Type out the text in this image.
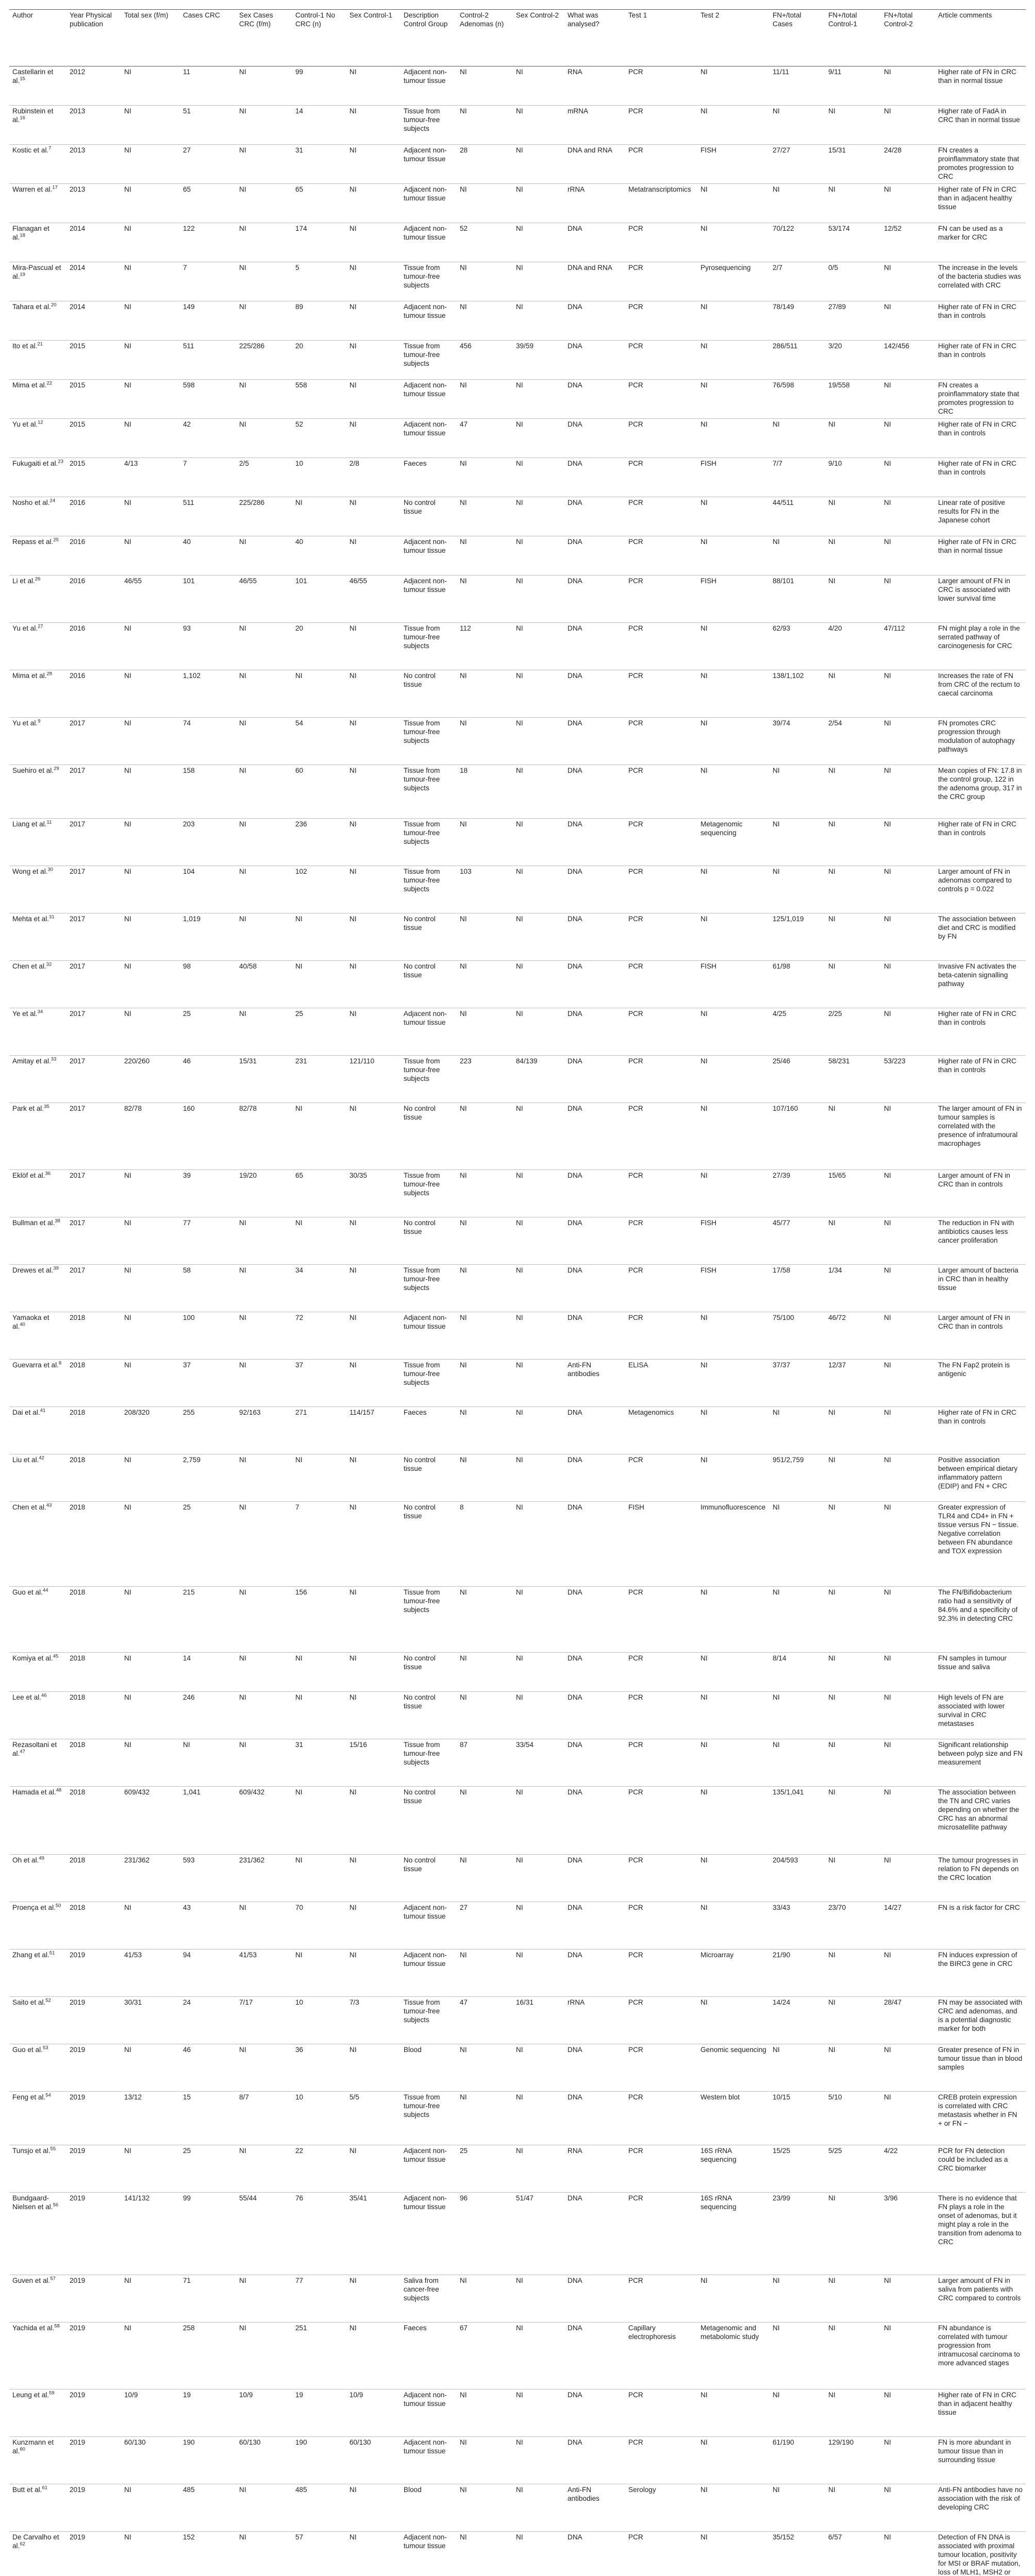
Author	Year Physical publication	Total sex (f/m)	Cases CRC	Sex Cases CRC (f/m)	Control-1 No CRC (n)	Sex Control-1	Description Control Group	Control-2 Adenomas (n)	Sex Control-2	What was analysed?	Test 1	Test 2	FN+/total Cases	FN+/total Control-1	FN+/total Control-2	Article comments
Castellarin et al.$^{15}$	2012	NI	11	NI	99	NI	Adjacent non-tumour tissue	NI	NI	RNA	PCR	NI	11/11	9/11	NI	Higher rate of FN in CRC than in normal tissue
Rubinstein et al.$^{16}$	2013	NI	51	NI	14	NI	Tissue from tumour-free subjects	NI	NI	mRNA	PCR	NI	NI	NI	NI	Higher rate of FadA in CRC than in normal tissue
Kostic et al.$^7$	2013	NI	27	NI	31	NI	Adjacent non-tumour tissue	28	NI	DNA and RNA	PCR	FISH	27/27	15/31	24/28	FN creates a proinflammatory state that promotes progression to CRC
Warren et al.$^{17}$	2013	NI	65	NI	65	NI	Adjacent non-tumour tissue	NI	NI	rRNA	Metatranscriptomics	NI	NI	NI	NI	Higher rate of FN in CRC than in adjacent healthy tissue
Flanagan et al.$^{18}$	2014	NI	122	NI	174	NI	Adjacent non-tumour tissue	52	NI	DNA	PCR	NI	70/122	53/174	12/52	FN can be used as a marker for CRC
Mira-Pascual et al.$^{19}$	2014	NI	7	NI	5	NI	Tissue from tumour-free subjects	NI	NI	DNA and RNA	PCR	Pyrosequencing	2/7	0/5	NI	The increase in the levels of the bacteria studies was correlated with CRC
Tahara et al.$^{20}$	2014	NI	149	NI	89	NI	Adjacent non-tumour tissue	NI	NI	DNA	PCR	NI	78/149	27/89	NI	Higher rate of FN in CRC than in controls
Ito et al.$^{21}$	2015	NI	511	225/286	20	NI	Tissue from tumour-free subjects	456	39/59	DNA	PCR	NI	286/511	3/20	142/456	Higher rate of FN in CRC than in controls
Mima et al.$^{22}$	2015	NI	598	NI	558	NI	Adjacent non-tumour tissue	NI	NI	DNA	PCR	NI	76/598	19/558	NI	FN creates a proinflammatory state that promotes progression to CRC
Yu et al.$^{12}$	2015	NI	42	NI	52	NI	Adjacent non-tumour tissue	47	NI	DNA	PCR	NI	NI	NI	NI	Higher rate of FN in CRC than in controls
Fukugaiti et al.$^{23}$	2015	4/13	7	2/5	10	2/8	Faeces	NI	NI	DNA	PCR	FISH	7/7	9/10	NI	Higher rate of FN in CRC than in controls
Nosho et al.$^{24}$	2016	NI	511	225/286	NI	NI	No control tissue	NI	NI	DNA	PCR	NI	44/511	NI	NI	Linear rate of positive results for FN in the Japanese cohort
Repass et al.$^{25}$	2016	NI	40	NI	40	NI	Adjacent non-tumour tissue	NI	NI	DNA	PCR	NI	NI	NI	NI	Higher rate of FN in CRC than in normal tissue
Li et al.$^{26}$	2016	46/55	101	46/55	101	46/55	Adjacent non-tumour tissue	NI	NI	DNA	PCR	FISH	88/101	NI	NI	Larger amount of FN in CRC is associated with lower survival time
Yu et al.$^{27}$	2016	NI	93	NI	20	NI	Tissue from tumour-free subjects	112	NI	DNA	PCR	NI	62/93	4/20	47/112	FN might play a role in the serrated pathway of carcinogenesis for CRC
Mima et al.$^{28}$	2016	NI	1,102	NI	NI	NI	No control tissue	NI	NI	DNA	PCR	NI	138/1,102	NI	NI	Increases the rate of FN from CRC of the rectum to caecal carcinoma
Yu et al.$^9$	2017	NI	74	NI	54	NI	Tissue from tumour-free subjects	NI	NI	DNA	PCR	NI	39/74	2/54	NI	FN promotes CRC progression through modulation of autophagy pathways
Suehiro et al.$^{29}$	2017	NI	158	NI	60	NI	Tissue from tumour-free subjects	18	NI	DNA	PCR	NI	NI	NI	NI	Mean copies of FN: 17.8 in the control group, 122 in the adenoma group, 317 in the CRC group
Liang et al.$^{11}$	2017	NI	203	NI	236	NI	Tissue from tumour-free subjects	NI	NI	DNA	PCR	Metagenomic sequencing	NI	NI	NI	Higher rate of FN in CRC than in controls
Wong et al.$^{30}$	2017	NI	104	NI	102	NI	Tissue from tumour-free subjects	103	NI	DNA	PCR	NI	NI	NI	NI	Larger amount of FN in adenomas compared to controls p = 0.022
Mehta et al.$^{31}$	2017	NI	1,019	NI	NI	NI	No control tissue	NI	NI	DNA	PCR	NI	125/1,019	NI	NI	The association between diet and CRC is modified by FN
Chen et al.$^{32}$	2017	NI	98	40/58	NI	NI	No control tissue	NI	NI	DNA	PCR	FISH	61/98	NI	NI	Invasive FN activates the beta-catenin signalling pathway
Ye et al.$^{34}$	2017	NI	25	NI	25	NI	Adjacent non-tumour tissue	NI	NI	DNA	PCR	NI	4/25	2/25	NI	Higher rate of FN in CRC than in controls
Amitay et al.$^{33}$	2017	220/260	46	15/31	231	121/110	Tissue from tumour-free subjects	223	84/139	DNA	PCR	NI	25/46	58/231	53/223	Higher rate of FN in CRC than in controls
Park et al.$^{35}$	2017	82/78	160	82/78	NI	NI	No control tissue	NI	NI	DNA	PCR	NI	107/160	NI	NI	The larger amount of FN in tumour samples is correlated with the presence of infratumoural macrophages
Eklöf et al.$^{36}$	2017	NI	39	19/20	65	30/35	Tissue from tumour-free subjects	NI	NI	DNA	PCR	NI	27/39	15/65	NI	Larger amount of FN in CRC than in controls
Bullman et al.$^{38}$	2017	NI	77	NI	NI	NI	No control tissue	NI	NI	DNA	PCR	FISH	45/77	NI	NI	The reduction in FN with antibiotics causes less cancer proliferation
Drewes et al.$^{39}$	2017	NI	58	NI	34	NI	Tissue from tumour-free subjects	NI	NI	DNA	PCR	FISH	17/58	1/34	NI	Larger amount of bacteria in CRC than in healthy tissue
Yamaoka et al.$^{40}$	2018	NI	100	NI	72	NI	Adjacent non-tumour tissue	NI	NI	DNA	PCR	NI	75/100	46/72	NI	Larger amount of FN in CRC than in controls
Guevarra et al.$^8$	2018	NI	37	NI	37	NI	Tissue from tumour-free subjects	NI	NI	Anti-FN antibodies	ELISA	NI	37/37	12/37	NI	The FN Fap2 protein is antigenic
Dai et al.$^{41}$	2018	208/320	255	92/163	271	114/157	Faeces	NI	NI	DNA	Metagenomics	NI	NI	NI	NI	Higher rate of FN in CRC than in controls
Liu et al.$^{42}$	2018	NI	2,759	NI	NI	NI	No control tissue	NI	NI	DNA	PCR	NI	951/2,759	NI	NI	Positive association between empirical dietary inflammatory pattern (EDIP) and FN + CRC
Chen et al.$^{43}$	2018	NI	25	NI	7	NI	No control tissue	8	NI	DNA	FISH	Immunofluorescence	NI	NI	NI	Greater expression of TLR4 and CD4+ in FN + tissue versus FN − tissue. Negative correlation between FN abundance and TOX expression
Guo et al.$^{44}$	2018	NI	215	NI	156	NI	Tissue from tumour-free subjects	NI	NI	DNA	PCR	NI	NI	NI	NI	The FN/Bifidobacterium ratio had a sensitivity of 84.6% and a specificity of 92.3% in detecting CRC
Komiya et al.$^{45}$	2018	NI	14	NI	NI	NI	No control tissue	NI	NI	DNA	PCR	NI	8/14	NI	NI	FN samples in tumour tissue and saliva
Lee et al.$^{46}$	2018	NI	246	NI	NI	NI	No control tissue	NI	NI	DNA	PCR	NI	NI	NI	NI	High levels of FN are associated with lower survival in CRC metastases
Rezasoltani et al.$^{47}$	2018	NI	NI	NI	31	15/16	Tissue from tumour-free subjects	87	33/54	DNA	PCR	NI	NI	NI	NI	Significant relationship between polyp size and FN measurement
Hamada et al.$^{48}$	2018	609/432	1,041	609/432	NI	NI	No control tissue	NI	NI	DNA	PCR	NI	135/1,041	NI	NI	The association between the TN and CRC varies depending on whether the CRC has an abnormal microsatellite pathway
Oh et al.$^{49}$	2018	231/362	593	231/362	NI	NI	No control tissue	NI	NI	DNA	PCR	NI	204/593	NI	NI	The tumour progresses in relation to FN depends on the CRC location
Proença et al.$^{50}$	2018	NI	43	NI	70	NI	Adjacent non-tumour tissue	27	NI	DNA	PCR	NI	33/43	23/70	14/27	FN is a risk factor for CRC
Zhang et al.$^{51}$	2019	41/53	94	41/53	NI	NI	Adjacent non-tumour tissue	NI	NI	DNA	PCR	Microarray	21/90	NI	NI	FN induces expression of the BIRC3 gene in CRC
Saito et al.$^{52}$	2019	30/31	24	7/17	10	7/3	Tissue from tumour-free subjects	47	16/31	rRNA	PCR	NI	14/24	NI	28/47	FN may be associated with CRC and adenomas, and is a potential diagnostic marker for both
Guo et al.$^{53}$	2019	NI	46	NI	36	NI	Blood	NI	NI	DNA	PCR	Genomic sequencing	NI	NI	NI	Greater presence of FN in tumour tissue than in blood samples
Feng et al.$^{54}$	2019	13/12	15	8/7	10	5/5	Tissue from tumour-free subjects	NI	NI	DNA	PCR	Western blot	10/15	5/10	NI	CREB protein expression is correlated with CRC metastasis whether in FN + or FN −
Tunsjo et al.$^{55}$	2019	NI	25	NI	22	NI	Adjacent non-tumour tissue	25	NI	RNA	PCR	16S rRNA sequencing	15/25	5/25	4/22	PCR for FN detection could be included as a CRC biomarker
Bundgaard-Nielsen et al.$^{56}$	2019	141/132	99	55/44	76	35/41	Adjacent non-tumour tissue	96	51/47	DNA	PCR	16S rRNA sequencing	23/99	NI	3/96	There is no evidence that FN plays a role in the onset of adenomas, but it might play a role in the transition from adenoma to CRC
Guven et al.$^{57}$	2019	NI	71	NI	77	NI	Saliva from cancer-free subjects	NI	NI	DNA	PCR	NI	NI	NI	NI	Larger amount of FN in saliva from patients with CRC compared to controls
Yachida et al.$^{58}$	2019	NI	258	NI	251	NI	Faeces	67	NI	DNA	Capillary electrophoresis	Metagenomic and metabolomic study	NI	NI	NI	FN abundance is correlated with tumour progression from intramucosal carcinoma to more advanced stages
Leung et al.$^{59}$	2019	10/9	19	10/9	19	10/9	Adjacent non-tumour tissue	NI	NI	DNA	PCR	NI	NI	NI	NI	Higher rate of FN in CRC than in adjacent healthy tissue
Kunzmann et al.$^{60}$	2019	60/130	190	60/130	190	60/130	Adjacent non-tumour tissue	NI	NI	DNA	PCR	NI	61/190	129/190	NI	FN is more abundant in tumour tissue than in surrounding tissue
Butt et al.$^{61}$	2019	NI	485	NI	485	NI	Blood	NI	NI	Anti-FN antibodies	Serology	NI	NI	NI	NI	Anti-FN antibodies have no association with the risk of developing CRC
De Carvalho et al.$^{62}$	2019	NI	152	NI	57	NI	Adjacent non-tumour tissue	NI	NI	DNA	PCR	NI	35/152	6/57	NI	Detection of FN DNA is associated with proximal tumour location, positivity for MSI or BRAF mutation, loss of MLH1, MSH2 or
